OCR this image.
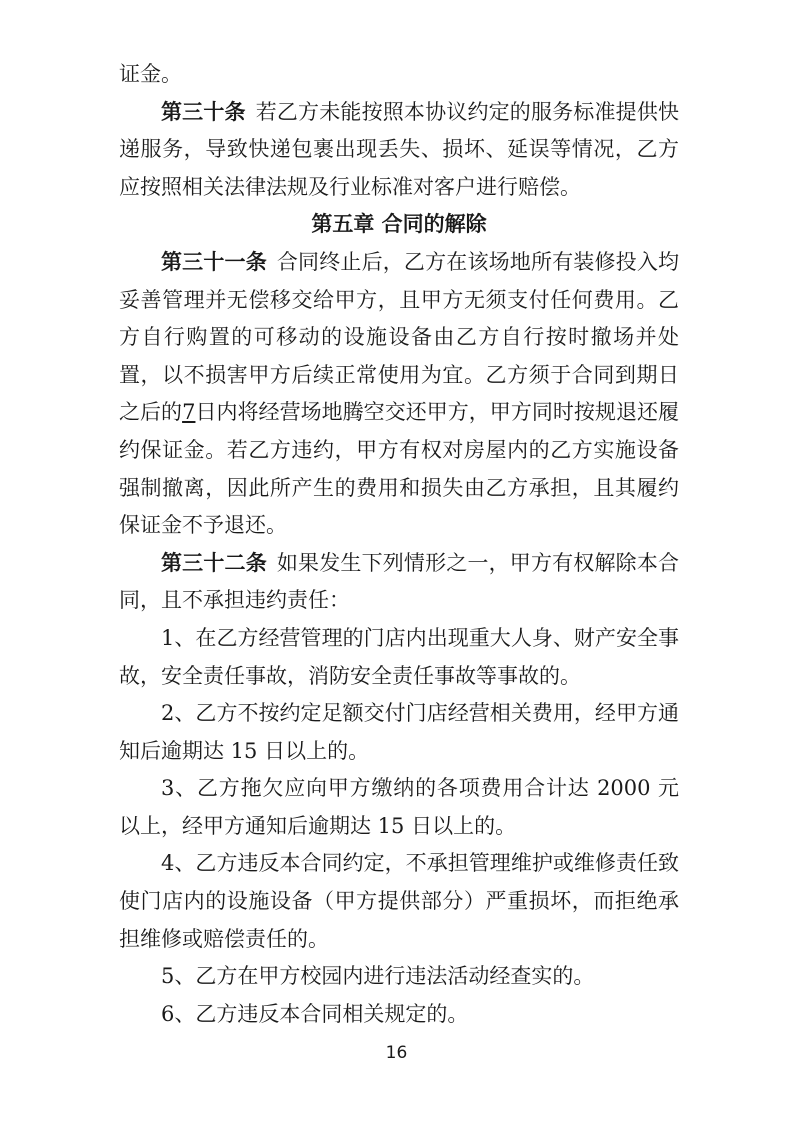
证金。

第三十条 若乙方未能按照本协议约定的服务标准提供快递服务，导致快递包裹出现丢失、损坏、延误等情况，乙方应按照相关法律法规及行业标准对客户进行赔偿。

第五章 合同的解除

第三十一条 合同终止后，乙方在该场地所有装修投入均妥善管理并无偿移交给甲方，且甲方无须支付任何费用。乙方自行购置的可移动的设施设备由乙方自行按时撤场并处置，以不损害甲方后续正常使用为宜。乙方须于合同到期日之后的7日内将经营场地腾空交还甲方，甲方同时按规退还履约保证金。若乙方违约，甲方有权对房屋内的乙方实施设备强制撤离，因此所产生的费用和损失由乙方承担，且其履约保证金不予退还。

第三十二条 如果发生下列情形之一，甲方有权解除本合同，且不承担违约责任：

1、在乙方经营管理的门店内出现重大人身、财产安全事故，安全责任事故，消防安全责任事故等事故的。

2、乙方不按约定足额交付门店经营相关费用，经甲方通知后逾期达 15 日以上的。

3、乙方拖欠应向甲方缴纳的各项费用合计达 2000 元以上，经甲方通知后逾期达 15 日以上的。

4、乙方违反本合同约定，不承担管理维护或维修责任致使门店内的设施设备（甲方提供部分）严重损坏，而拒绝承担维修或赔偿责任的。

5、乙方在甲方校园内进行违法活动经查实的。

6、乙方违反本合同相关规定的。

16
